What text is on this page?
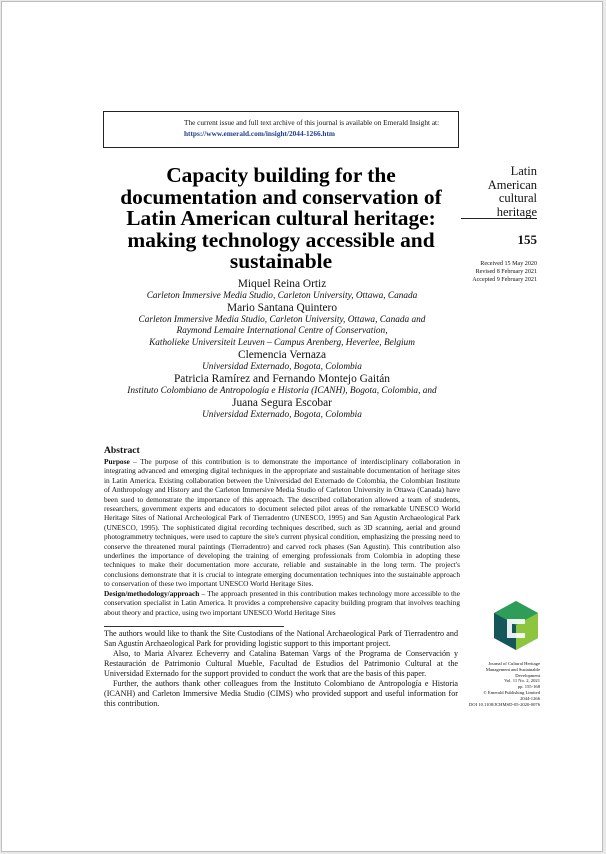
The current issue and full text archive of this journal is available on Emerald Insight at:
https://www.emerald.com/insight/2044-1266.htm
Capacity building for the documentation and conservation of Latin American cultural heritage: making technology accessible and sustainable
Latin American cultural heritage
155
Received 15 May 2020
Revised 8 February 2021
Accepted 9 February 2021
Miquel Reina Ortiz
Carleton Immersive Media Studio, Carleton University, Ottawa, Canada
Mario Santana Quintero
Carleton Immersive Media Studio, Carleton University, Ottawa, Canada and
Raymond Lemaire International Centre of Conservation,
Katholieke Universiteit Leuven – Campus Arenberg, Heverlee, Belgium
Clemencia Vernaza
Universidad Externado, Bogota, Colombia
Patricia Ramírez and Fernando Montejo Gaitán
Instituto Colombiano de Antropología e Historia (ICANH), Bogota, Colombia, and
Juana Segura Escobar
Universidad Externado, Bogota, Colombia
Abstract

Purpose – The purpose of this contribution is to demonstrate the importance of interdisciplinary collaboration in integrating advanced and emerging digital techniques in the appropriate and sustainable documentation of heritage sites in Latin America. Existing collaboration between the Universidad del Externado de Colombia, the Colombian Institute of Anthropology and History and the Carleton Immersive Media Studio of Carleton University in Ottawa (Canada) have been sued to demonstrate the importance of this approach. The described collaboration allowed a team of students, researchers, government experts and educators to document selected pilot areas of the remarkable UNESCO World Heritage Sites of National Archeological Park of Tierradentro (UNESCO, 1995) and San Agustin Archaeological Park (UNESCO, 1995). The sophisticated digital recording techniques described, such as 3D scanning, aerial and ground photogrammetry techniques, were used to capture the site's current physical condition, emphasizing the pressing need to conserve the threatened mural paintings (Tierradentro) and carved rock phases (San Agustin). This contribution also underlines the importance of developing the training of emerging professionals from Colombia in adopting these techniques to make their documentation more accurate, reliable and sustainable in the long term. The project's conclusions demonstrate that it is crucial to integrate emerging documentation techniques into the sustainable approach to conservation of these two important UNESCO World Heritage Sites.

Design/methodology/approach – The approach presented in this contribution makes technology more accessible to the conservation specialist in Latin America. It provides a comprehensive capacity building program that involves teaching about theory and practice, using two important UNESCO World Heritage Sites

The authors would like to thank the Site Custodians of the National Archaeological Park of Tierradentro and San Agustín Archaeological Park for providing logistic support to this important project.

Also, to Maria Alvarez Echeverry and Catalina Bateman Vargs of the Programa de Conservación y Restauración de Patrimonio Cultural Mueble, Facultad de Estudios del Patrimonio Cultural at the Universidad Externado for the support provided to conduct the work that are the basis of this paper.

Further, the authors thank other colleagues from the Instituto Colombiano de Antropología e Historia (ICANH) and Carleton Immersive Media Studio (CIMS) who provided support and useful information for this contribution.

Journal of Cultural Heritage
Management and Sustainable
Development
Vol. 11 No. 2, 2021
pp. 155-168
© Emerald Publishing Limited
2044-1266
DOI 10.1108/JCHMSD-05-2020-0076
